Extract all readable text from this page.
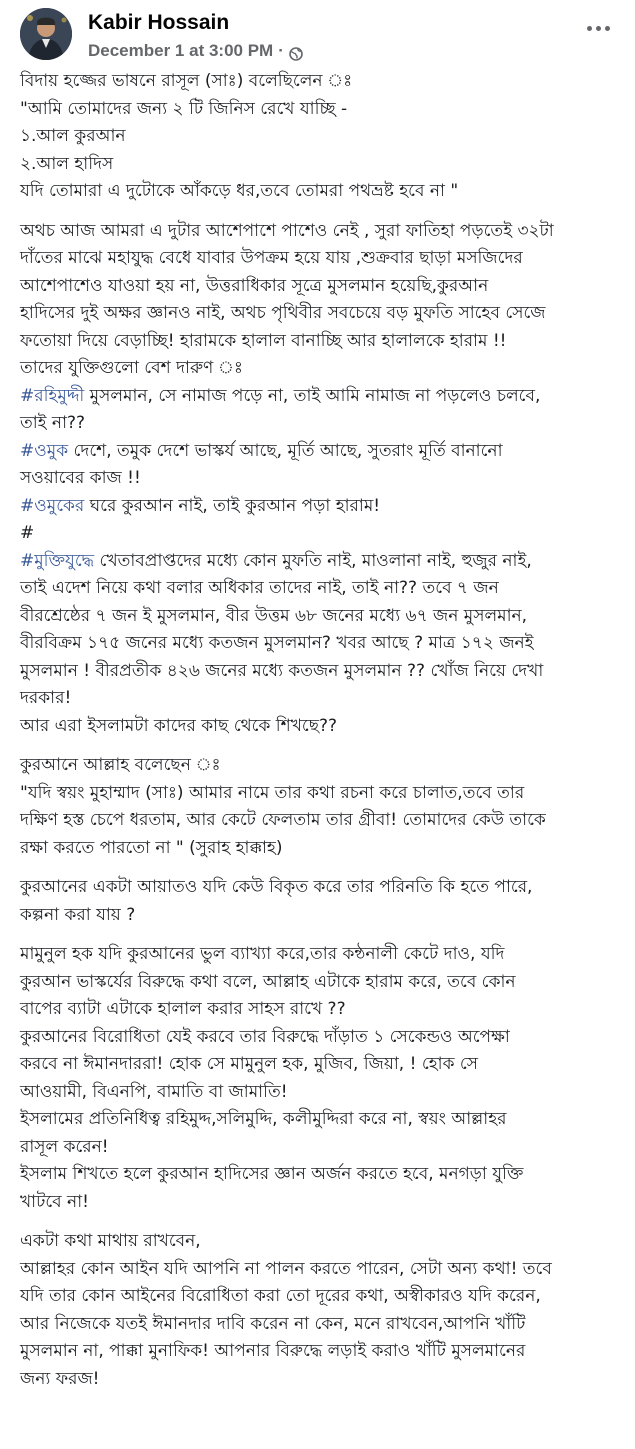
Kabir Hossain
December 1 at 3:00 PM ·
বিদায় হজ্জের ভাষনে রাসূল (সাঃ) বলেছিলেন ঃ
"আমি তোমাদের জন্য ২ টি জিনিস রেখে যাচ্ছি -
১.আল কুরআন
২.আল হাদিস
যদি তোমারা এ দুটোকে আঁকড়ে ধর,তবে তোমরা পথভ্রষ্ট হবে না "
অথচ আজ আমরা এ দুটার আশেপাশে পাশেও নেই , সুরা ফাতিহা পড়তেই ৩২টা
দাঁতের মাঝে মহাযুদ্ধ বেধে যাবার উপক্রম হয়ে যায় ,শুক্রবার ছাড়া মসজিদের
আশেপাশেও যাওয়া হয় না, উত্তরাধিকার সূত্রে মুসলমান হয়েছি,কুরআন
হাদিসের দুই অক্ষর জ্ঞানও নাই, অথচ পৃথিবীর সবচেয়ে বড় মুফতি সাহেব সেজে
ফতোয়া দিয়ে বেড়াচ্ছি! হারামকে হালাল বানাচ্ছি আর হালালকে হারাম !!
তাদের যুক্তিগুলো বেশ দারুণ ঃ
#রহিমুদ্দী মুসলমান, সে নামাজ পড়ে না, তাই আমি নামাজ না পড়লেও চলবে,
তাই না??
#ওমুক দেশে, তমুক দেশে ভাস্কর্য আছে, মূর্তি আছে, সুতরাং মূর্তি বানানো
সওয়াবের কাজ !!
#ওমুকের ঘরে কুরআন নাই, তাই কুরআন পড়া হারাম!
#
#মুক্তিযুদ্ধে খেতাবপ্রাপ্তদের মধ্যে কোন মুফতি নাই, মাওলানা নাই, হুজুর নাই,
তাই এদেশ নিয়ে কথা বলার অধিকার তাদের নাই, তাই না?? তবে ৭ জন
বীরশ্রেষ্ঠের ৭ জন ই মুসলমান, বীর উত্তম ৬৮ জনের মধ্যে ৬৭ জন মুসলমান,
বীরবিক্রম ১৭৫ জনের মধ্যে কতজন মুসলমান? খবর আছে ? মাত্র ১৭২ জনই
মুসলমান ! বীরপ্রতীক ৪২৬ জনের মধ্যে কতজন মুসলমান ?? খোঁজ নিয়ে দেখা
দরকার!
আর এরা ইসলামটা কাদের কাছ থেকে শিখছে??
কুরআনে আল্লাহ বলেছেন ঃ
"যদি স্বয়ং মুহাম্মাদ (সাঃ) আমার নামে তার কথা রচনা করে চালাত,তবে তার
দক্ষিণ হস্ত চেপে ধরতাম, আর কেটে ফেলতাম তার গ্রীবা! তোমাদের কেউ তাকে
রক্ষা করতে পারতো না " (সুরাহ হাক্কাহ)
কুরআনের একটা আয়াতও যদি কেউ বিকৃত করে তার পরিনতি কি হতে পারে,
কল্পনা করা যায় ?
মামুনুল হক যদি কুরআনের ভুল ব্যাখ্যা করে,তার কন্ঠনালী কেটে দাও, যদি
কুরআন ভাস্কর্যের বিরুদ্ধে কথা বলে, আল্লাহ এটাকে হারাম করে, তবে কোন
বাপের ব্যাটা এটাকে হালাল করার সাহস রাখে ??
কুরআনের বিরোধিতা যেই করবে তার বিরুদ্ধে দাঁড়াত ১ সেকেন্ডও অপেক্ষা
করবে না ঈমানদাররা! হোক সে মামুনুল হক, মুজিব, জিয়া, ! হোক সে
আওয়ামী, বিএনপি, বামাতি বা জামাতি!
ইসলামের প্রতিনিধিত্ব রহিমুদ্দ,সলিমুদ্দি, কলীমুদ্দিরা করে না, স্বয়ং আল্লাহর
রাসূল করেন!
ইসলাম শিখতে হলে কুরআন হাদিসের জ্ঞান অর্জন করতে হবে, মনগড়া যুক্তি
খাটবে না!
একটা কথা মাথায় রাখবেন,
আল্লাহর কোন আইন যদি আপনি না পালন করতে পারেন, সেটা অন্য কথা! তবে
যদি তার কোন আইনের বিরোধিতা করা তো দূরের কথা, অস্বীকারও যদি করেন,
আর নিজেকে যতই ঈমানদার দাবি করেন না কেন, মনে রাখবেন,আপনি খাঁটি
মুসলমান না, পাক্কা মুনাফিক! আপনার বিরুদ্ধে লড়াই করাও খাঁটি মুসলমানের
জন্য ফরজ!
